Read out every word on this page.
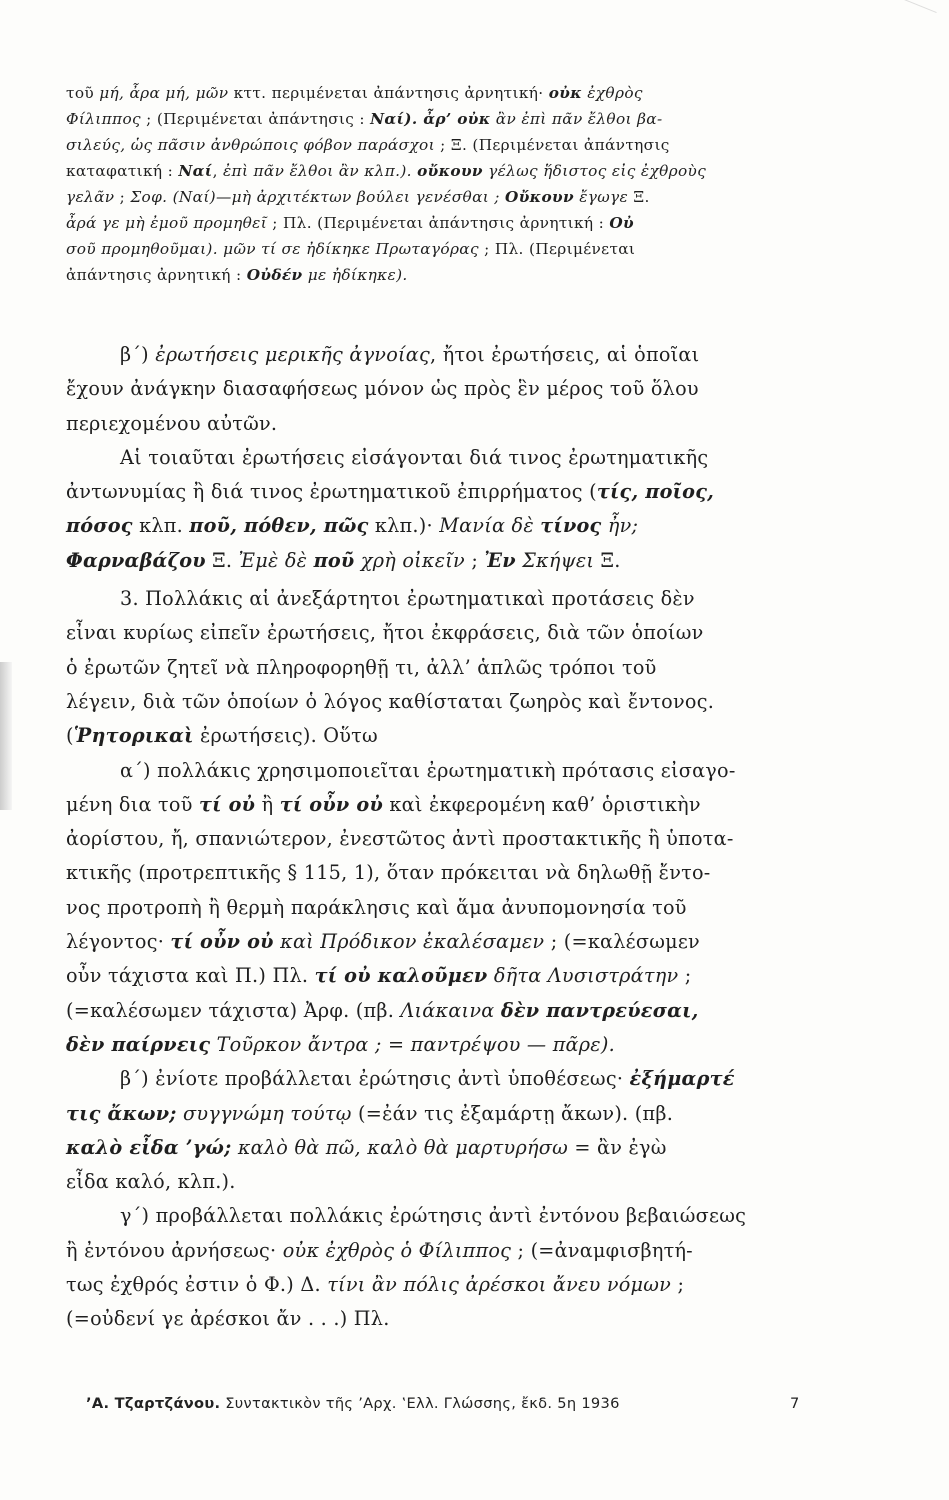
τοῦ μή, ἆρα μή, μῶν κττ. περιμένεται ἀπάντησις ἀρνητική· οὐκ ἐχθρὸς
Φίλιππος ; (Περιμένεται ἀπάντησις : Ναί). ἆρ’ οὐκ ἂν ἐπὶ πᾶν ἔλθοι βα-
σιλεύς, ὡς πᾶσιν ἀνθρώποις φόβον παράσχοι ; Ξ. (Περιμένεται ἀπάντησις
καταφατική : Ναί, ἐπὶ πᾶν ἔλθοι ἂν κλπ.). οὔκουν γέλως ἥδιστος εἰς ἐχθροὺς
γελᾶν ; Σοφ. (Ναί)—μὴ ἀρχιτέκτων βούλει γενέσθαι ; Οὔκουν ἔγωγε Ξ.
ἆρά γε μὴ ἐμοῦ προμηθεῖ ; Πλ. (Περιμένεται ἀπάντησις ἀρνητική : Οὐ
σοῦ προμηθοῦμαι). μῶν τί σε ἠδίκηκε Πρωταγόρας ; Πλ. (Περιμένεται
ἀπάντησις ἀρνητική : Οὐδέν με ἠδίκηκε).
β΄) ἐρωτήσεις μερικῆς ἀγνοίας, ἤτοι ἐρωτήσεις, αἱ ὁποῖαι
ἔχουν ἀνάγκην διασαφήσεως μόνον ὡς πρὸς ἓν μέρος τοῦ ὅλου
περιεχομένου αὐτῶν.
Αἱ τοιαῦται ἐρωτήσεις εἰσάγονται διά τινος ἐρωτηματικῆς
ἀντωνυμίας ἢ διά τινος ἐρωτηματικοῦ ἐπιρρήματος (τίς, ποῖος,
πόσος κλπ. ποῦ, πόθεν, πῶς κλπ.)· Μανία δὲ τίνος ἦν;
Φαρναβάζου Ξ. Ἐμὲ δὲ ποῦ χρὴ οἰκεῖν ; Ἐν Σκήψει Ξ.
3. Πολλάκις αἱ ἀνεξάρτητοι ἐρωτηματικαὶ προτάσεις δὲν
εἶναι κυρίως εἰπεῖν ἐρωτήσεις, ἤτοι ἐκφράσεις, διὰ τῶν ὁποίων
ὁ ἐρωτῶν ζητεῖ νὰ πληροφορηθῇ τι, ἀλλ’ ἁπλῶς τρόποι τοῦ
λέγειν, διὰ τῶν ὁποίων ὁ λόγος καθίσταται ζωηρὸς καὶ ἔντονος.
(Ῥητορικαὶ ἐρωτήσεις). Οὕτω
α΄) πολλάκις χρησιμοποιεῖται ἐρωτηματικὴ πρότασις εἰσαγο-
μένη δια τοῦ τί οὐ ἢ τί οὖν οὐ καὶ ἐκφερομένη καθ’ ὁριστικὴν
ἀορίστου, ἤ, σπανιώτερον, ἐνεστῶτος ἀντὶ προστακτικῆς ἢ ὑποτα-
κτικῆς (προτρεπτικῆς § 115, 1), ὅταν πρόκειται νὰ δηλωθῇ ἔντο-
νος προτροπὴ ἢ θερμὴ παράκλησις καὶ ἅμα ἀνυπομονησία τοῦ
λέγοντος· τί οὖν οὐ καὶ Πρόδικον ἐκαλέσαμεν ; (=καλέσωμεν
οὖν τάχιστα καὶ Π.) Πλ. τί οὐ καλοῦμεν δῆτα Λυσιστράτην ;
(=καλέσωμεν τάχιστα) Ἀρφ. (πβ. Λιάκαινα δὲν παντρεύεσαι,
δὲν παίρνεις Τοῦρκον ἄντρα ; = παντρέψου — πᾶρε).
β΄) ἐνίοτε προβάλλεται ἐρώτησις ἀντὶ ὑποθέσεως· ἐξήμαρτέ
τις ἄκων; συγγνώμη τούτῳ (=ἐάν τις ἐξαμάρτῃ ἄκων). (πβ.
καλὸ εἶδα ’γώ; καλὸ θὰ πῶ, καλὸ θὰ μαρτυρήσω = ἂν ἐγὼ
εἶδα καλό, κλπ.).
γ΄) προβάλλεται πολλάκις ἐρώτησις ἀντὶ ἐντόνου βεβαιώσεως
ἢ ἐντόνου ἀρνήσεως· οὐκ ἐχθρὸς ὁ Φίλιππος ; (=ἀναμφισβητή-
τως ἐχθρός ἐστιν ὁ Φ.) Δ. τίνι ἂν πόλις ἀρέσκοι ἄνευ νόμων ;
(=οὐδενί γε ἀρέσκοι ἄν . . .) Πλ.
’Α. Τζαρτζάνου. Συντακτικὸν τῆς ’Αρχ. ‛Ελλ. Γλώσσης, ἔκδ. 5η 1936	7
